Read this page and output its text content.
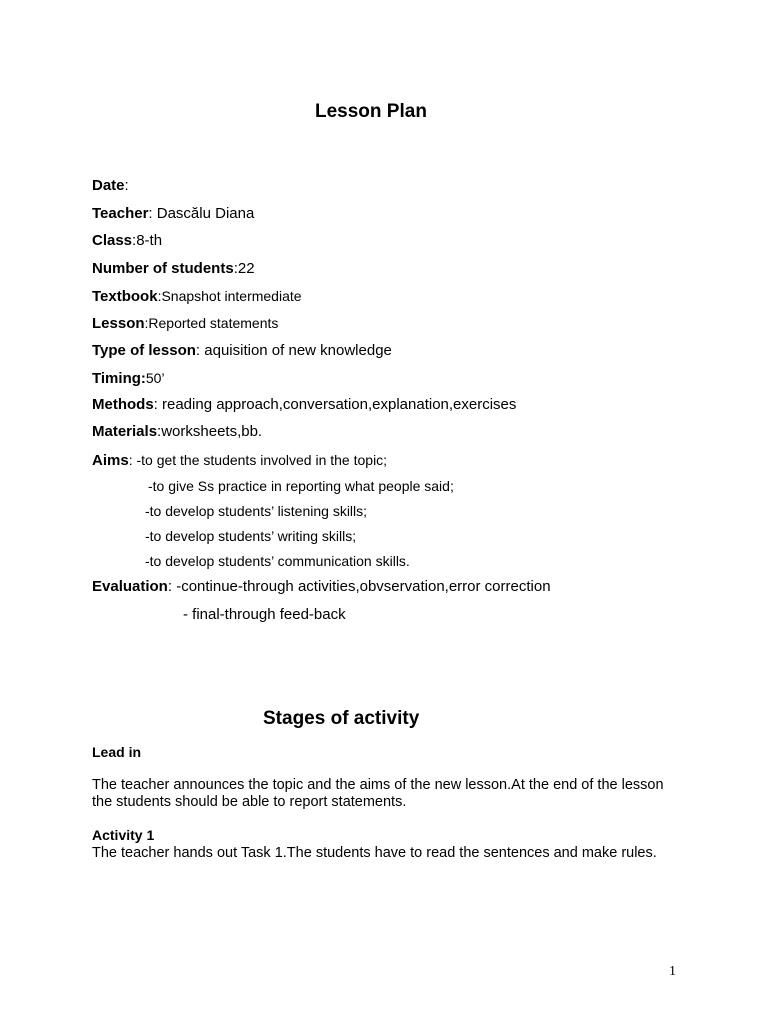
Lesson Plan
Date:
Teacher: Dascălu Diana
Class:8-th
Number of students:22
Textbook:Snapshot intermediate
Lesson:Reported statements
Type of lesson: aquisition of new knowledge
Timing:50’
Methods: reading approach,conversation,explanation,exercises
Materials:worksheets,bb.
Aims: -to get the students involved in the topic;
-to give Ss practice in reporting what people said;
-to develop students’ listening skills;
-to develop students’ writing skills;
-to develop students’ communication skills.
Evaluation: -continue-through activities,obvservation,error correction
- final-through feed-back
Stages of activity
Lead in
The teacher announces the topic and the aims of the new lesson.At the end of the lesson the students should be able to report statements.
Activity 1
The teacher hands out Task 1.The students have to read the sentences and make rules.
1
